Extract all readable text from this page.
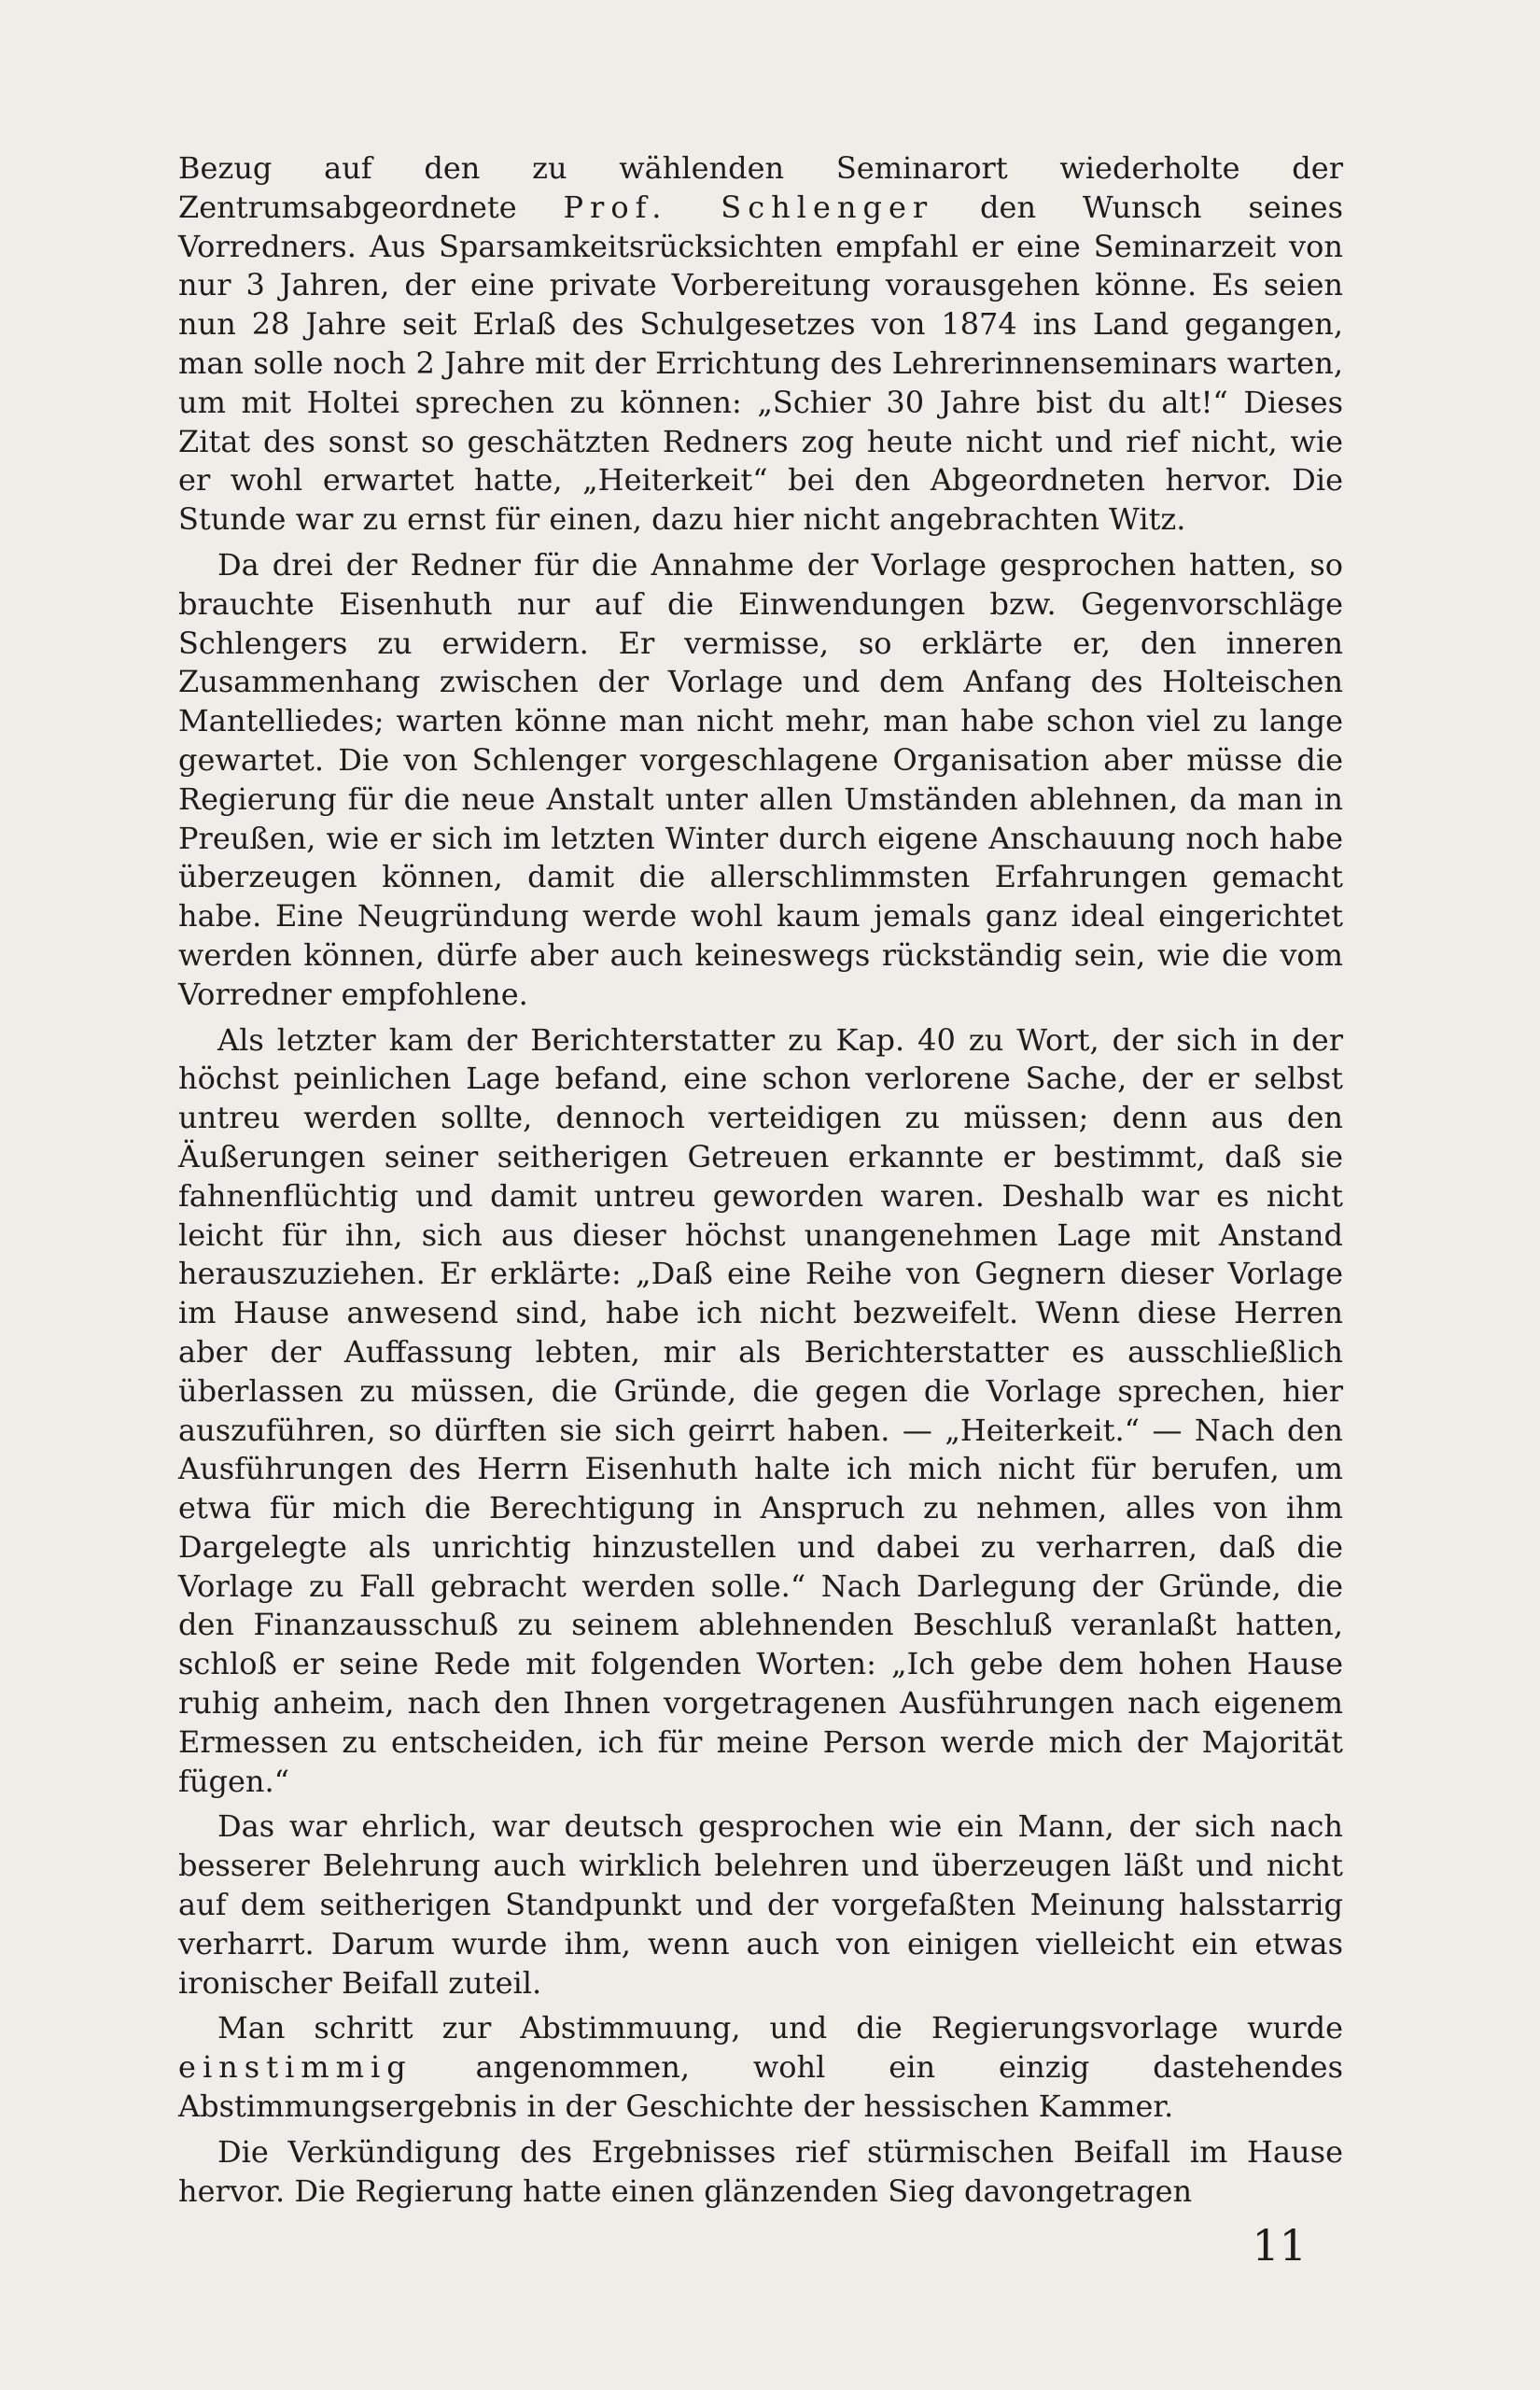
Bezug auf den zu wählenden Seminarort wiederholte der Zentrumsabgeordnete Prof. Schlenger den Wunsch seines Vorredners. Aus Sparsamkeitsrücksichten empfahl er eine Seminarzeit von nur 3 Jahren, der eine private Vorbereitung vorausgehen könne. Es seien nun 28 Jahre seit Erlaß des Schulgesetzes von 1874 ins Land gegangen, man solle noch 2 Jahre mit der Errichtung des Lehrerinnenseminars warten, um mit Holtei sprechen zu können: „Schier 30 Jahre bist du alt!“ Dieses Zitat des sonst so geschätzten Redners zog heute nicht und rief nicht, wie er wohl erwartet hatte, „Heiterkeit“ bei den Abgeordneten hervor. Die Stunde war zu ernst für einen, dazu hier nicht angebrachten Witz.

Da drei der Redner für die Annahme der Vorlage gesprochen hatten, so brauchte Eisenhuth nur auf die Einwendungen bzw. Gegenvorschläge Schlengers zu erwidern. Er vermisse, so erklärte er, den inneren Zusammenhang zwischen der Vorlage und dem Anfang des Holteischen Mantelliedes; warten könne man nicht mehr, man habe schon viel zu lange gewartet. Die von Schlenger vorgeschlagene Organisation aber müsse die Regierung für die neue Anstalt unter allen Umständen ablehnen, da man in Preußen, wie er sich im letzten Winter durch eigene Anschauung noch habe überzeugen können, damit die allerschlimmsten Erfahrungen gemacht habe. Eine Neugründung werde wohl kaum jemals ganz ideal eingerichtet werden können, dürfe aber auch keineswegs rückständig sein, wie die vom Vorredner empfohlene.

Als letzter kam der Berichterstatter zu Kap. 40 zu Wort, der sich in der höchst peinlichen Lage befand, eine schon verlorene Sache, der er selbst untreu werden sollte, dennoch verteidigen zu müssen; denn aus den Äußerungen seiner seitherigen Getreuen erkannte er bestimmt, daß sie fahnenflüchtig und damit untreu geworden waren. Deshalb war es nicht leicht für ihn, sich aus dieser höchst unangenehmen Lage mit Anstand herauszuziehen. Er erklärte: „Daß eine Reihe von Gegnern dieser Vorlage im Hause anwesend sind, habe ich nicht bezweifelt. Wenn diese Herren aber der Auffassung lebten, mir als Berichterstatter es ausschließlich überlassen zu müssen, die Gründe, die gegen die Vorlage sprechen, hier auszuführen, so dürften sie sich geirrt haben. — „Heiterkeit.“ — Nach den Ausführungen des Herrn Eisenhuth halte ich mich nicht für berufen, um etwa für mich die Berechtigung in Anspruch zu nehmen, alles von ihm Dargelegte als unrichtig hinzustellen und dabei zu verharren, daß die Vorlage zu Fall gebracht werden solle.“ Nach Darlegung der Gründe, die den Finanzausschuß zu seinem ablehnenden Beschluß veranlaßt hatten, schloß er seine Rede mit folgenden Worten: „Ich gebe dem hohen Hause ruhig anheim, nach den Ihnen vorgetragenen Ausführungen nach eigenem Ermessen zu entscheiden, ich für meine Person werde mich der Majorität fügen.“

Das war ehrlich, war deutsch gesprochen wie ein Mann, der sich nach besserer Belehrung auch wirklich belehren und überzeugen läßt und nicht auf dem seitherigen Standpunkt und der vorgefaßten Meinung halsstarrig verharrt. Darum wurde ihm, wenn auch von einigen vielleicht ein etwas ironischer Beifall zuteil.

Man schritt zur Abstimmuung, und die Regierungsvorlage wurde einstimmig angenommen, wohl ein einzig dastehendes Abstimmungsergebnis in der Geschichte der hessischen Kammer.

Die Verkündigung des Ergebnisses rief stürmischen Beifall im Hause hervor. Die Regierung hatte einen glänzenden Sieg davongetragen

11
